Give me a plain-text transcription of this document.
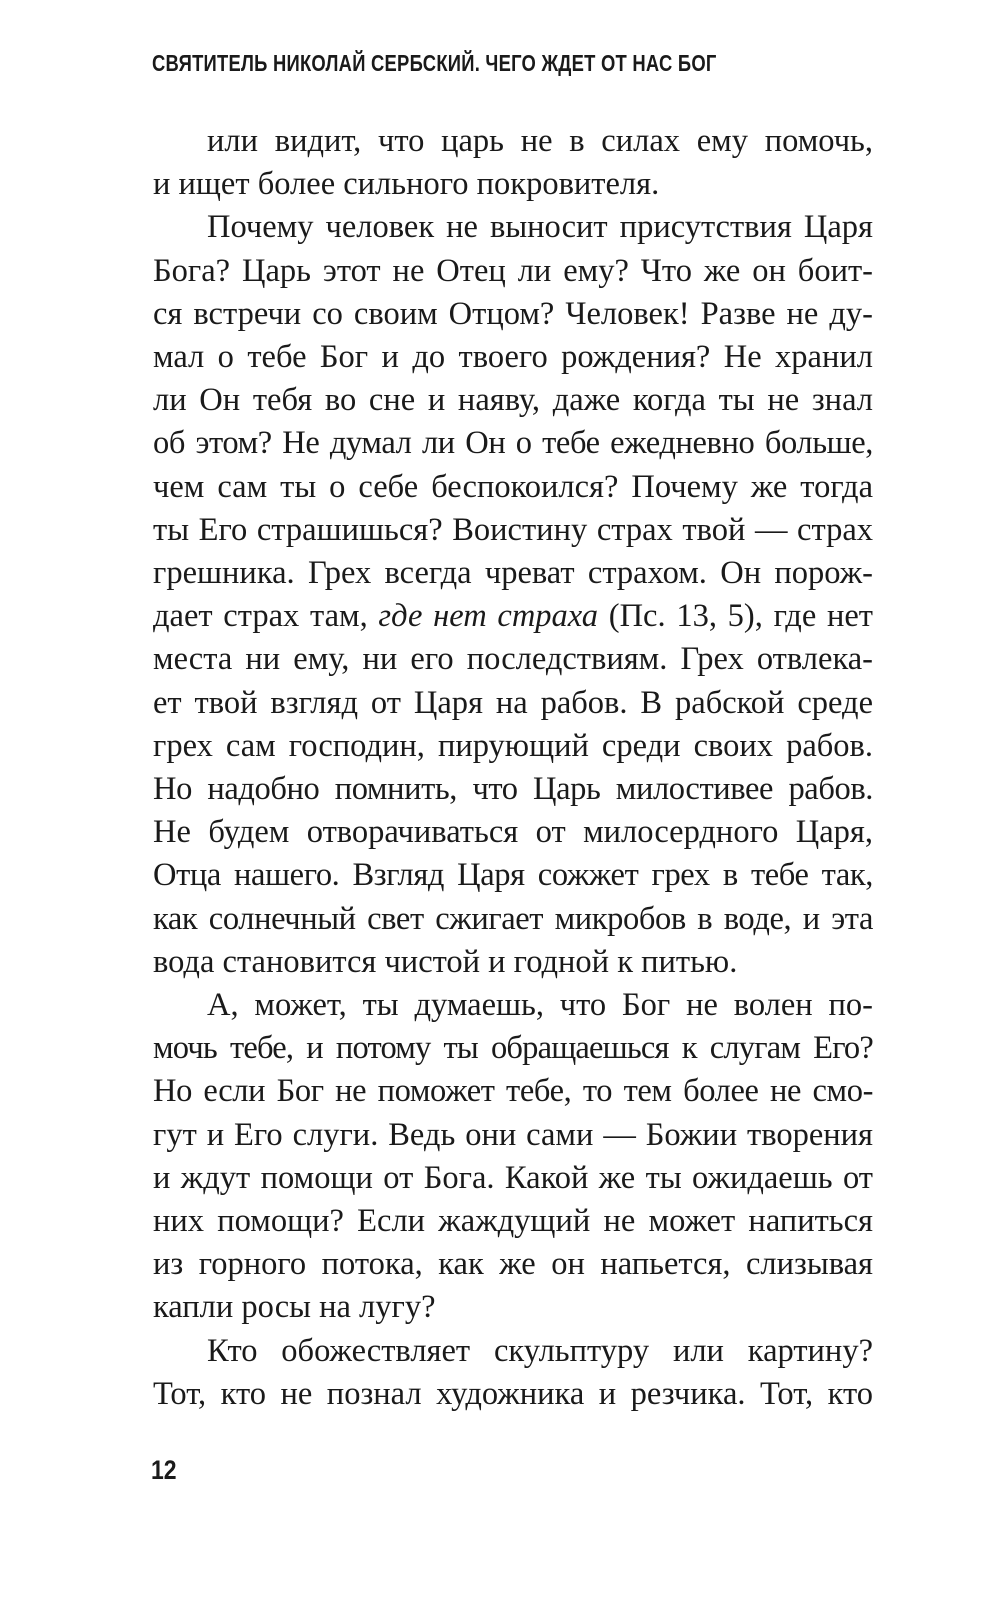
СВЯТИТЕЛЬ НИКОЛАЙ СЕРБСКИЙ. ЧЕГО ЖДЕТ ОТ НАС БОГ
или видит, что царь не в силах ему помочь,
и ищет более сильного покровителя.
Почему человек не выносит присутствия Царя
Бога? Царь этот не Отец ли ему? Что же он боит-
ся встречи со своим Отцом? Человек! Разве не ду-
мал о тебе Бог и до твоего рождения? Не хранил
ли Он тебя во сне и наяву, даже когда ты не знал
об этом? Не думал ли Он о тебе ежедневно больше,
чем сам ты о себе беспокоился? Почему же тогда
ты Его страшишься? Воистину страх твой — страх
грешника. Грех всегда чреват страхом. Он порож-
дает страх там, где нет страха (Пс. 13, 5), где нет
места ни ему, ни его последствиям. Грех отвлека-
ет твой взгляд от Царя на рабов. В рабской среде
грех сам господин, пирующий среди своих рабов.
Но надобно помнить, что Царь милостивее рабов.
Не будем отворачиваться от милосердного Царя,
Отца нашего. Взгляд Царя сожжет грех в тебе так,
как солнечный свет сжигает микробов в воде, и эта
вода становится чистой и годной к питью.
А, может, ты думаешь, что Бог не волен по-
мочь тебе, и потому ты обращаешься к слугам Его?
Но если Бог не поможет тебе, то тем более не смо-
гут и Его слуги. Ведь они сами — Божии творения
и ждут помощи от Бога. Какой же ты ожидаешь от
них помощи? Если жаждущий не может напиться
из горного потока, как же он напьется, слизывая
капли росы на лугу?
Кто обожествляет скульптуру или картину?
Тот, кто не познал художника и резчика. Тот, кто
12
